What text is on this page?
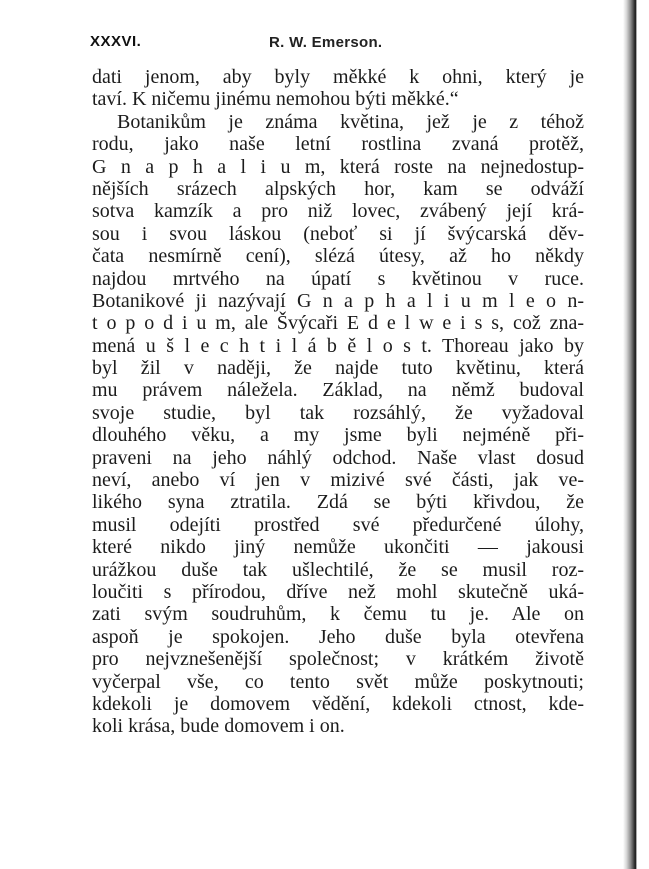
XXXVI.	R. W. Emerson.
dati jenom, aby byly měkké k ohni, který je
taví. K ničemu jinému nemohou býti měkké.“
Botanikům je známa květina, jež je z téhož
rodu, jako naše letní rostlina zvaná protěž,
G n a p h a l i u m, která roste na nejnedostup-
nějších srázech alpských hor, kam se odváží
sotva kamzík a pro niž lovec, zvábený její krá-
sou i svou láskou (neboť si jí švýcarská děv-
čata nesmírně cení), slézá útesy, až ho někdy
najdou mrtvého na úpatí s květinou v ruce.
Botanikové ji nazývají G n a p h a l i u m l e o n-
t o p o d i u m, ale Švýcaři E d e l w e i s s, což zna-
mená u š l e c h t i l á b ě l o s t. Thoreau jako by
byl žil v naději, že najde tuto květinu, která
mu právem náležela. Základ, na němž budoval
svoje studie, byl tak rozsáhlý, že vyžadoval
dlouhého věku, a my jsme byli nejméně při-
praveni na jeho náhlý odchod. Naše vlast dosud
neví, anebo ví jen v mizivé své části, jak ve-
likého syna ztratila. Zdá se býti křivdou, že
musil odejíti prostřed své předurčené úlohy,
které nikdo jiný nemůže ukončiti — jakousi
urážkou duše tak ušlechtilé, že se musil roz-
loučiti s přírodou, dříve než mohl skutečně uká-
zati svým soudruhům, k čemu tu je. Ale on
aspoň je spokojen. Jeho duše byla otevřena
pro nejvznešenější společnost; v krátkém životě
vyčerpal vše, co tento svět může poskytnouti;
kdekoli je domovem vědění, kdekoli ctnost, kde-
koli krása, bude domovem i on.
